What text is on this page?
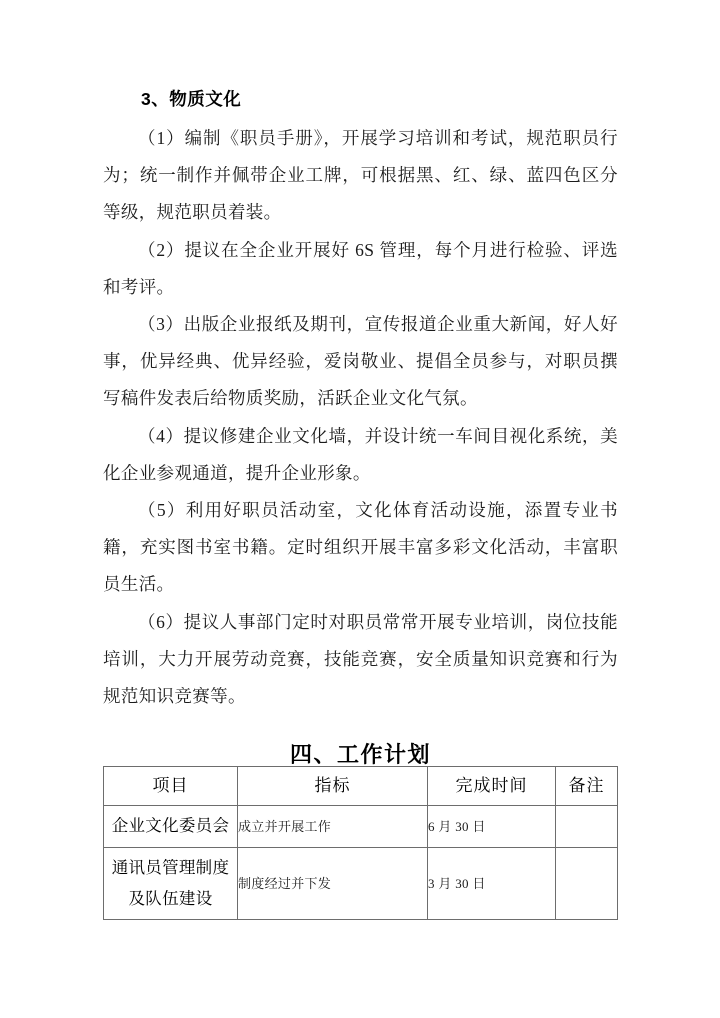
3、物质文化

（1）编制《职员手册》，开展学习培训和考试，规范职员行为；统一制作并佩带企业工牌，可根据黑、红、绿、蓝四色区分等级，规范职员着装。

（2）提议在全企业开展好 6S 管理，每个月进行检验、评选和考评。

（3）出版企业报纸及期刊，宣传报道企业重大新闻，好人好事，优异经典、优异经验，爱岗敬业、提倡全员参与，对职员撰写稿件发表后给物质奖励，活跃企业文化气氛。

（4）提议修建企业文化墙，并设计统一车间目视化系统，美化企业参观通道，提升企业形象。

（5）利用好职员活动室，文化体育活动设施，添置专业书籍，充实图书室书籍。定时组织开展丰富多彩文化活动，丰富职员生活。

（6）提议人事部门定时对职员常常开展专业培训，岗位技能培训，大力开展劳动竞赛，技能竞赛，安全质量知识竞赛和行为规范知识竞赛等。

四、工作计划
项目	指标	完成时间	备注
企业文化委员会	成立并开展工作	6 月 30 日	
通讯员管理制度
及队伍建设	制度经过并下发	3 月 30 日	
